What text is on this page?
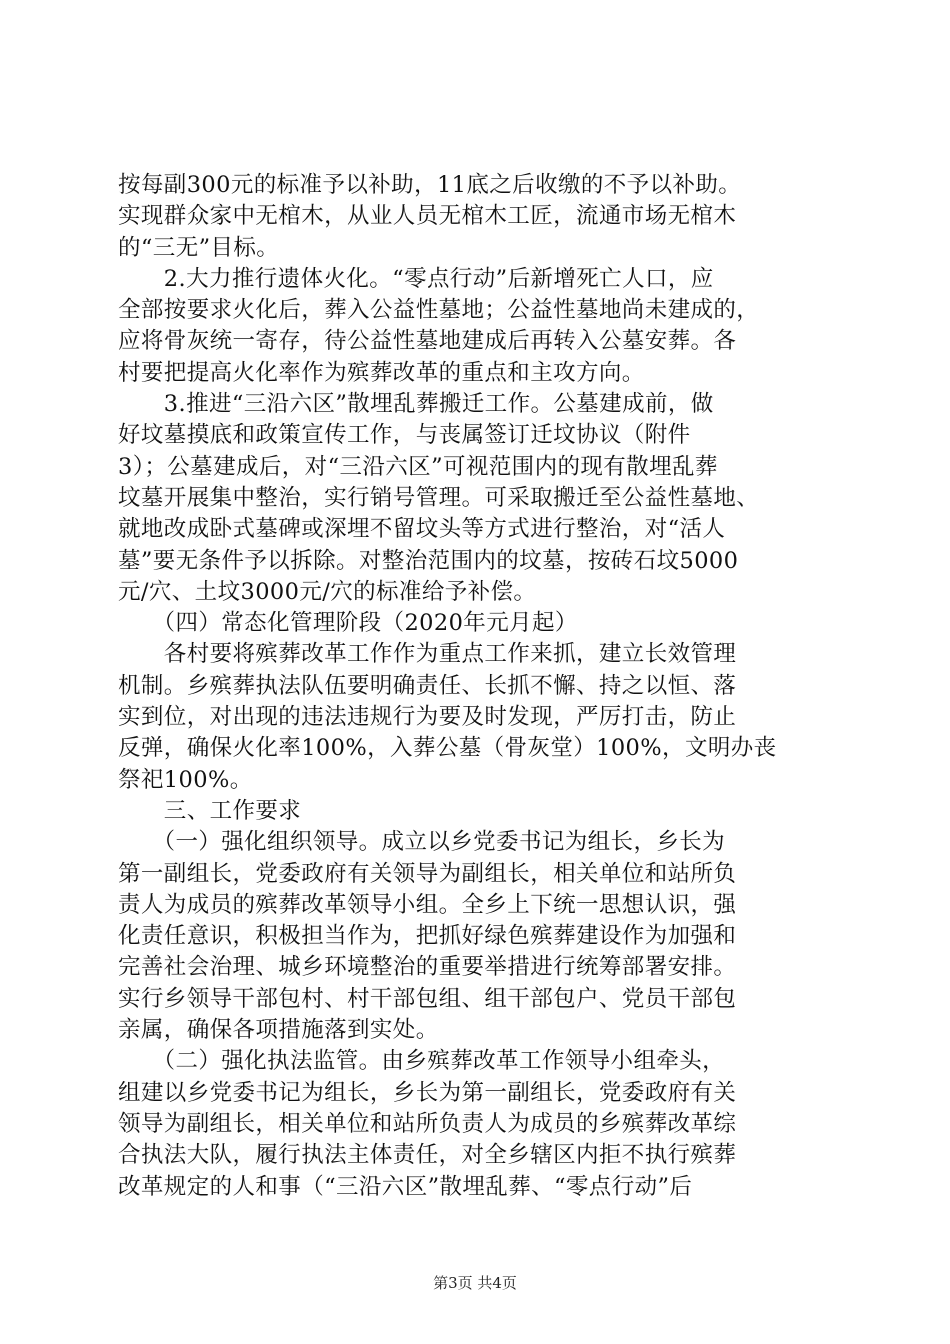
按每副300元的标准予以补助，11底之后收缴的不予以补助。
实现群众家中无棺木，从业人员无棺木工匠，流通市场无棺木
的“三无”目标。
　　2.大力推行遗体火化。“零点行动”后新增死亡人口，应
全部按要求火化后，葬入公益性墓地；公益性墓地尚未建成的，
应将骨灰统一寄存，待公益性墓地建成后再转入公墓安葬。各
村要把提高火化率作为殡葬改革的重点和主攻方向。
　　3.推进“三沿六区”散埋乱葬搬迁工作。公墓建成前，做
好坟墓摸底和政策宣传工作，与丧属签订迁坟协议（附件
3）；公墓建成后，对“三沿六区”可视范围内的现有散埋乱葬
坟墓开展集中整治，实行销号管理。可采取搬迁至公益性墓地、
就地改成卧式墓碑或深埋不留坟头等方式进行整治，对“活人
墓”要无条件予以拆除。对整治范围内的坟墓，按砖石坟5000
元/穴、土坟3000元/穴的标准给予补偿。
　　（四）常态化管理阶段（2020年元月起）
　　各村要将殡葬改革工作作为重点工作来抓，建立长效管理
机制。乡殡葬执法队伍要明确责任、长抓不懈、持之以恒、落
实到位，对出现的违法违规行为要及时发现，严厉打击，防止
反弹，确保火化率100%，入葬公墓（骨灰堂）100%，文明办丧
祭祀100%。
　　三、工作要求
　　（一）强化组织领导。成立以乡党委书记为组长，乡长为
第一副组长，党委政府有关领导为副组长，相关单位和站所负
责人为成员的殡葬改革领导小组。全乡上下统一思想认识，强
化责任意识，积极担当作为，把抓好绿色殡葬建设作为加强和
完善社会治理、城乡环境整治的重要举措进行统筹部署安排。
实行乡领导干部包村、村干部包组、组干部包户、党员干部包
亲属，确保各项措施落到实处。
　　（二）强化执法监管。由乡殡葬改革工作领导小组牵头，
组建以乡党委书记为组长，乡长为第一副组长，党委政府有关
领导为副组长，相关单位和站所负责人为成员的乡殡葬改革综
合执法大队，履行执法主体责任，对全乡辖区内拒不执行殡葬
改革规定的人和事（“三沿六区”散埋乱葬、“零点行动”后
第3页 共4页
